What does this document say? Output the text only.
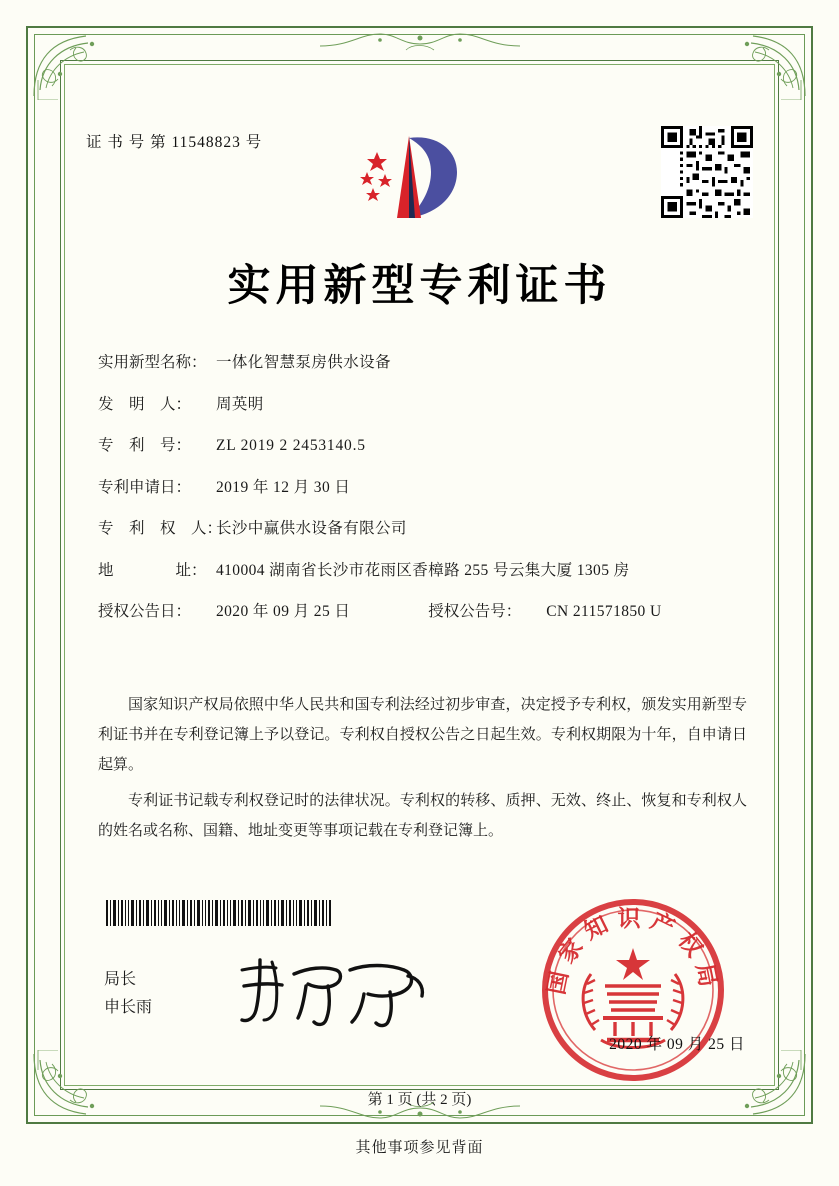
证 书 号 第 11548823 号
实用新型专利证书
实用新型名称： 一体化智慧泵房供水设备
发　明　人：	周英明
专　利　号：	ZL 2019 2 2453140.5
专利申请日：	2019 年 12 月 30 日
专　利　权　人：
长沙中赢供水设备有限公司
地　　　　址： 410004 湖南省长沙市花雨区香樟路 255 号云集大厦 1305 房
授权公告日：	2020 年 09 月 25 日	授权公告号：	CN 211571850 U

国家知识产权局依照中华人民共和国专利法经过初步审查，决定授予专利权，颁发实用新型专利证书并在专利登记簿上予以登记。专利权自授权公告之日起生效。专利权期限为十年，自申请日起算。

专利证书记载专利权登记时的法律状况。专利权的转移、质押、无效、终止、恢复和专利权人的姓名或名称、国籍、地址变更等事项记载在专利登记簿上。

局长
申长雨
国家知识产权局
2020 年 09 月 25 日
第 1 页 (共 2 页)
其他事项参见背面
